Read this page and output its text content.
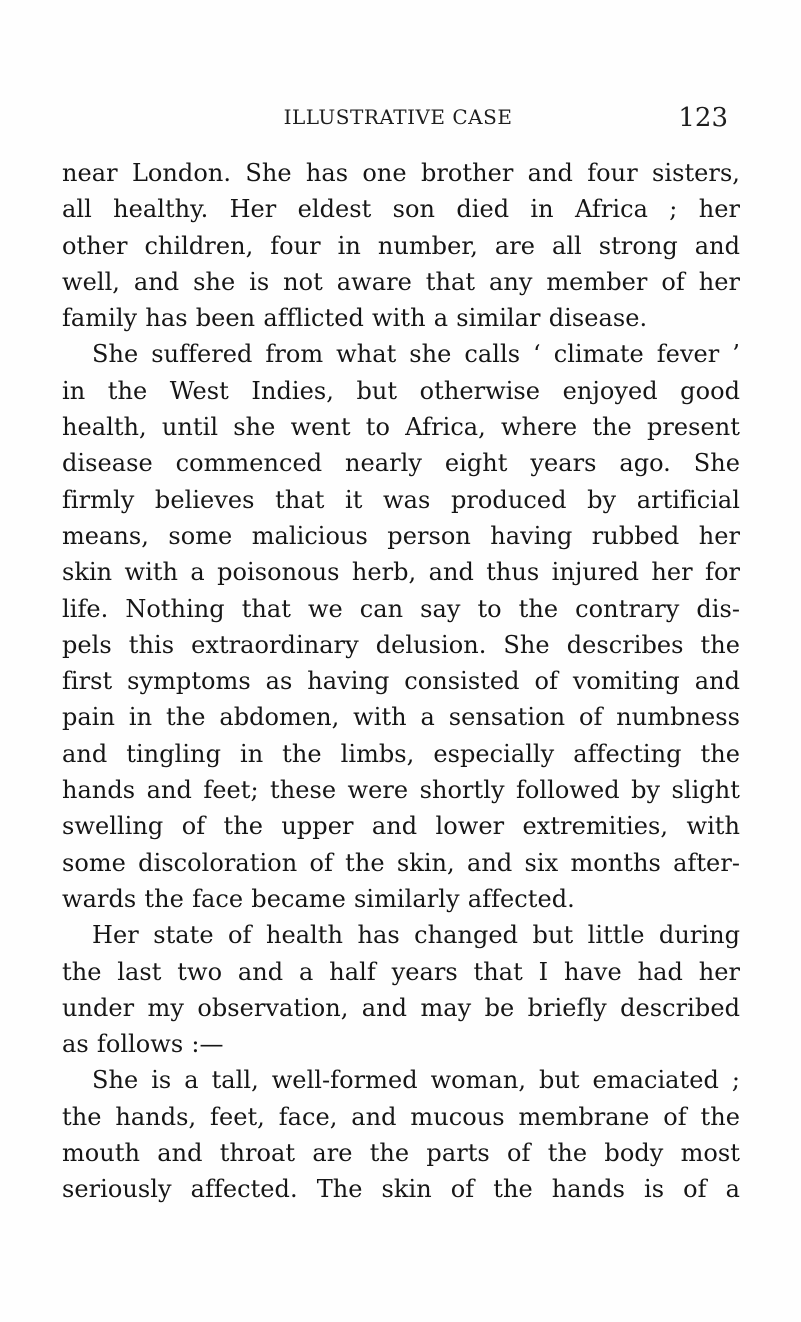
ILLUSTRATIVE CASE	123
near London. She has one brother and four sisters,
all healthy. Her eldest son died in Africa ; her
other children, four in number, are all strong and
well, and she is not aware that any member of her
family has been afflicted with a similar disease.
She suffered from what she calls ‘ climate fever ’
in the West Indies, but otherwise enjoyed good
health, until she went to Africa, where the present
disease commenced nearly eight years ago. She
firmly believes that it was produced by artificial
means, some malicious person having rubbed her
skin with a poisonous herb, and thus injured her for
life. Nothing that we can say to the contrary dis-
pels this extraordinary delusion. She describes the
first symptoms as having consisted of vomiting and
pain in the abdomen, with a sensation of numbness
and tingling in the limbs, especially affecting the
hands and feet; these were shortly followed by slight
swelling of the upper and lower extremities, with
some discoloration of the skin, and six months after-
wards the face became similarly affected.
Her state of health has changed but little during
the last two and a half years that I have had her
under my observation, and may be briefly described
as follows :—
She is a tall, well-formed woman, but emaciated ;
the hands, feet, face, and mucous membrane of the
mouth and throat are the parts of the body most
seriously affected. The skin of the hands is of a
